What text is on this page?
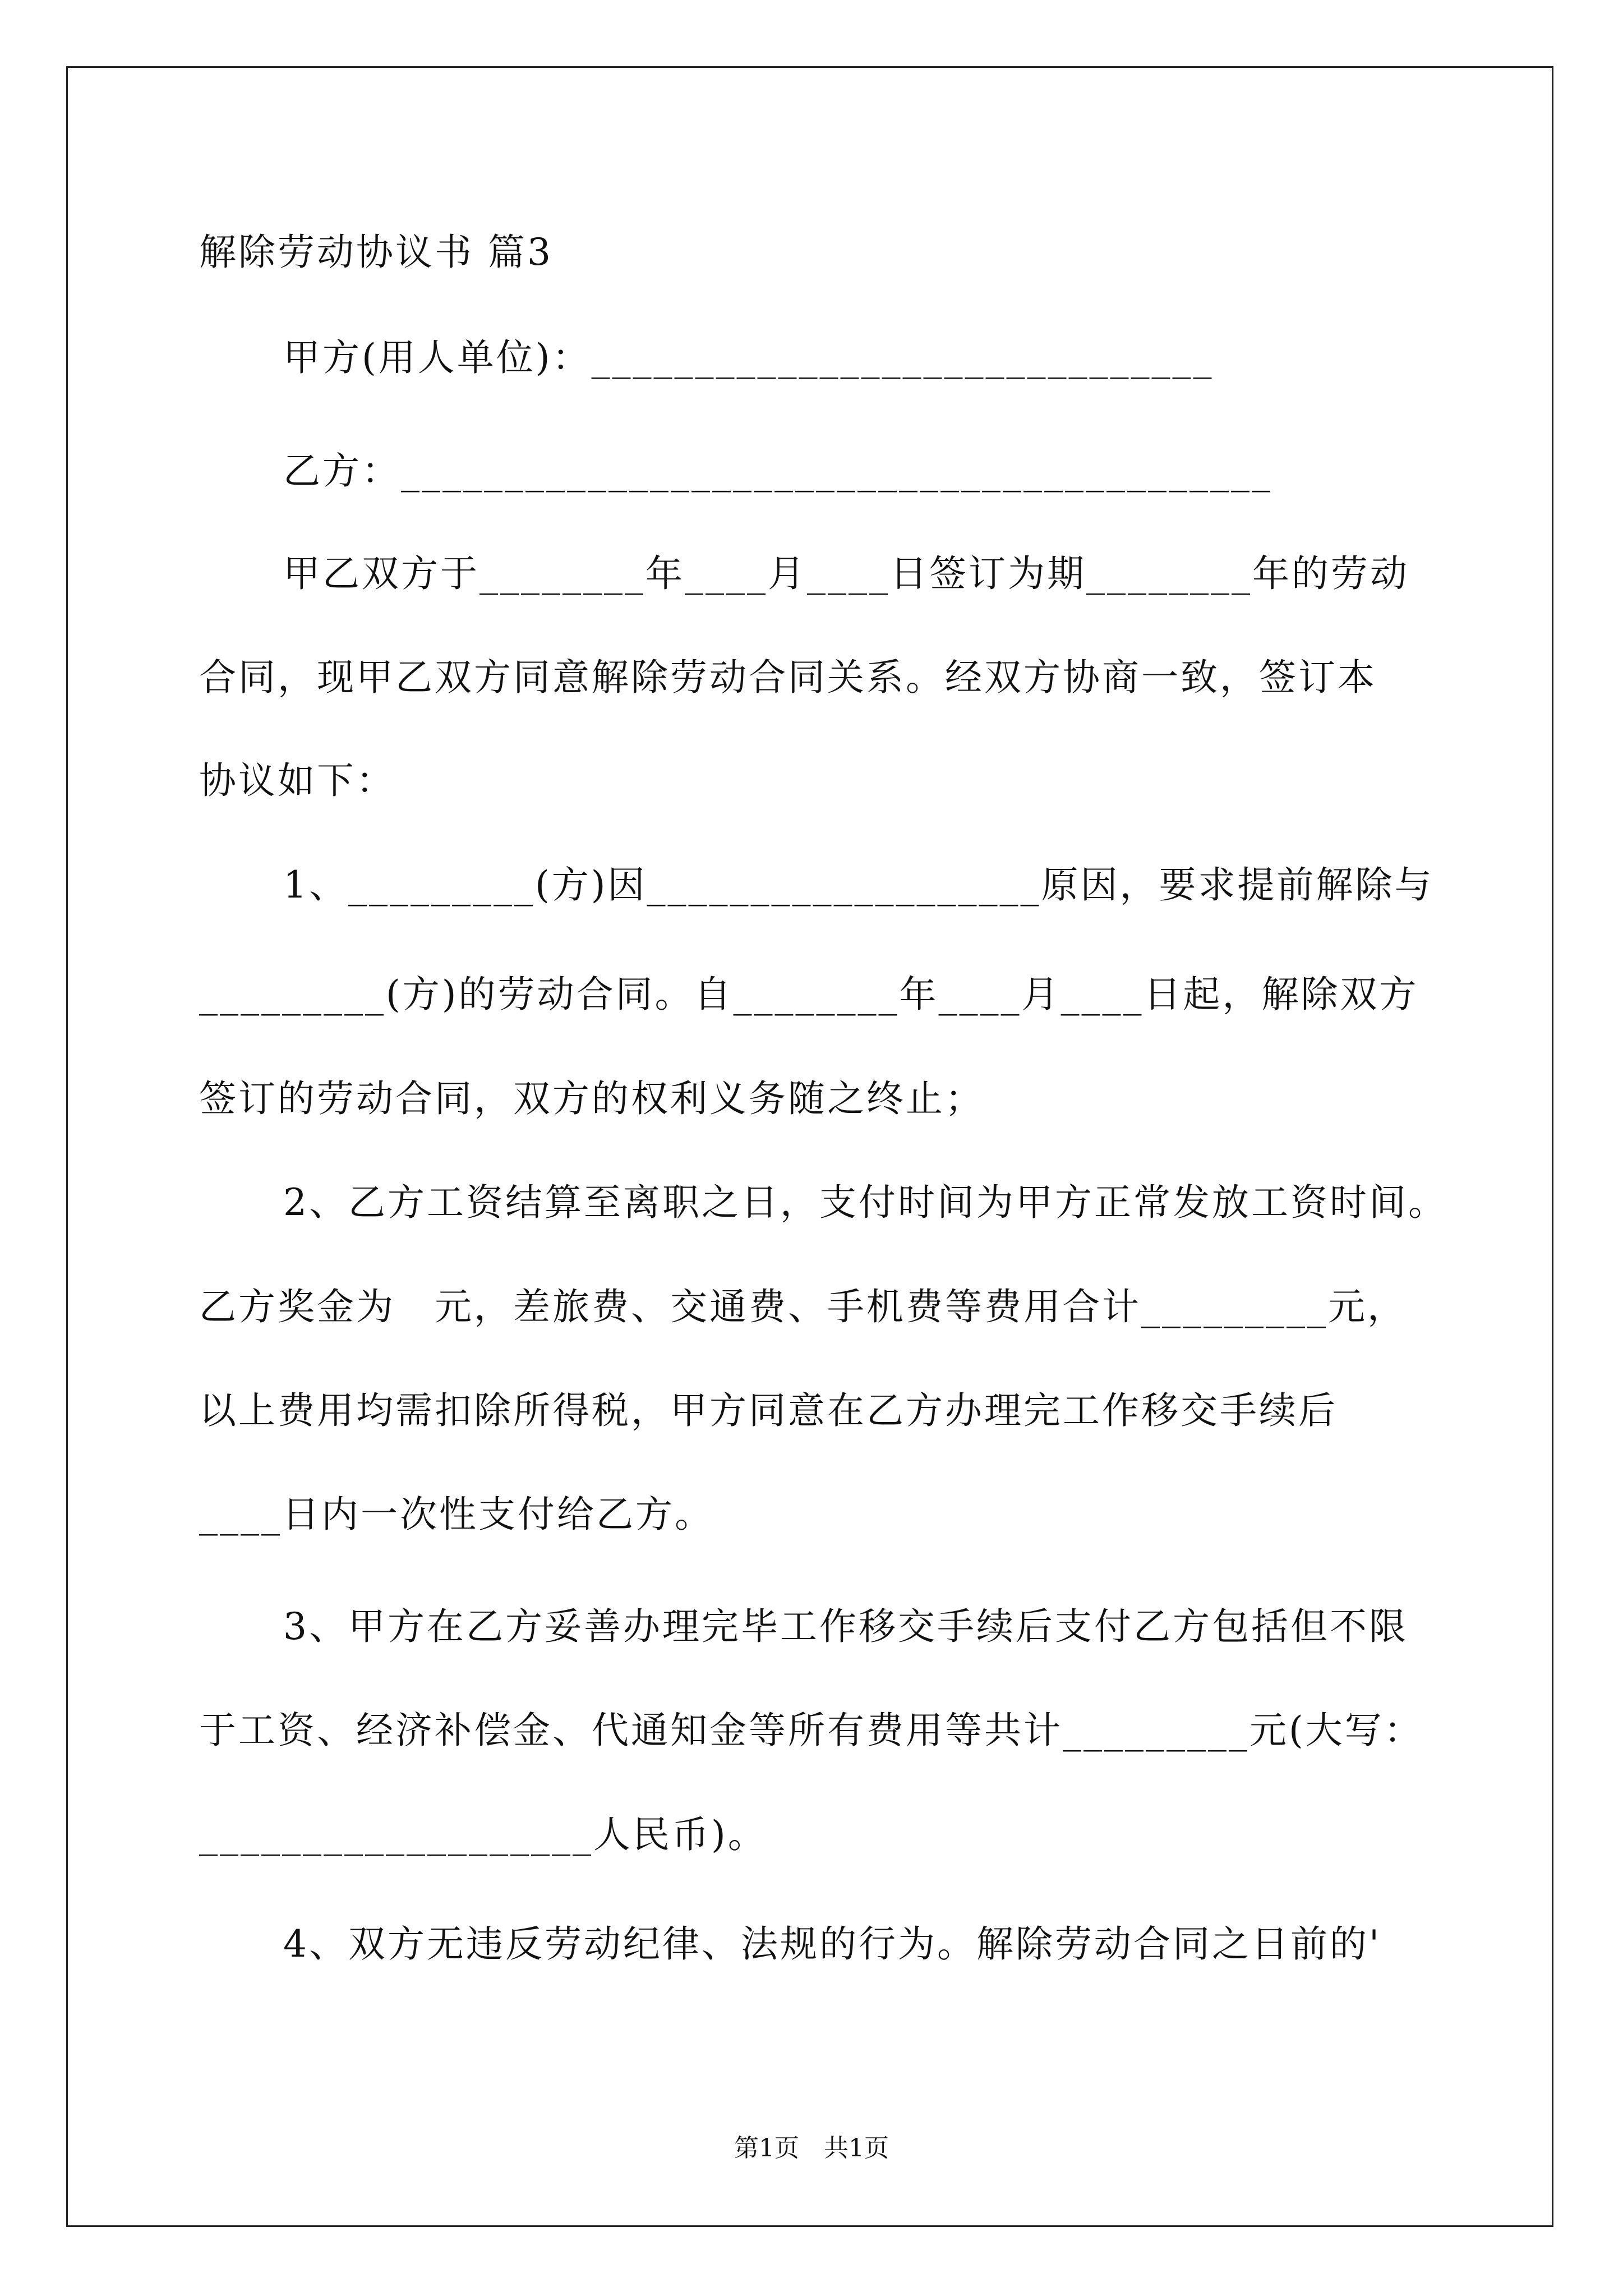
解除劳动协议书 篇3
甲方(用人单位)：______________________________
乙方：__________________________________________
甲乙双方于________年____月____日签订为期________年的劳动
合同，现甲乙双方同意解除劳动合同关系。经双方协商一致，签订本
协议如下：
1、_________(方)因___________________原因，要求提前解除与
_________(方)的劳动合同。自________年____月____日起，解除双方
签订的劳动合同，双方的权利义务随之终止；
2、乙方工资结算至离职之日，支付时间为甲方正常发放工资时间。
乙方奖金为　元，差旅费、交通费、手机费等费用合计_________元，
以上费用均需扣除所得税，甲方同意在乙方办理完工作移交手续后
____日内一次性支付给乙方。
3、甲方在乙方妥善办理完毕工作移交手续后支付乙方包括但不限
于工资、经济补偿金、代通知金等所有费用等共计_________元(大写：
___________________人民币)。
4、双方无违反劳动纪律、法规的行为。解除劳动合同之日前的'
第1页　共1页
